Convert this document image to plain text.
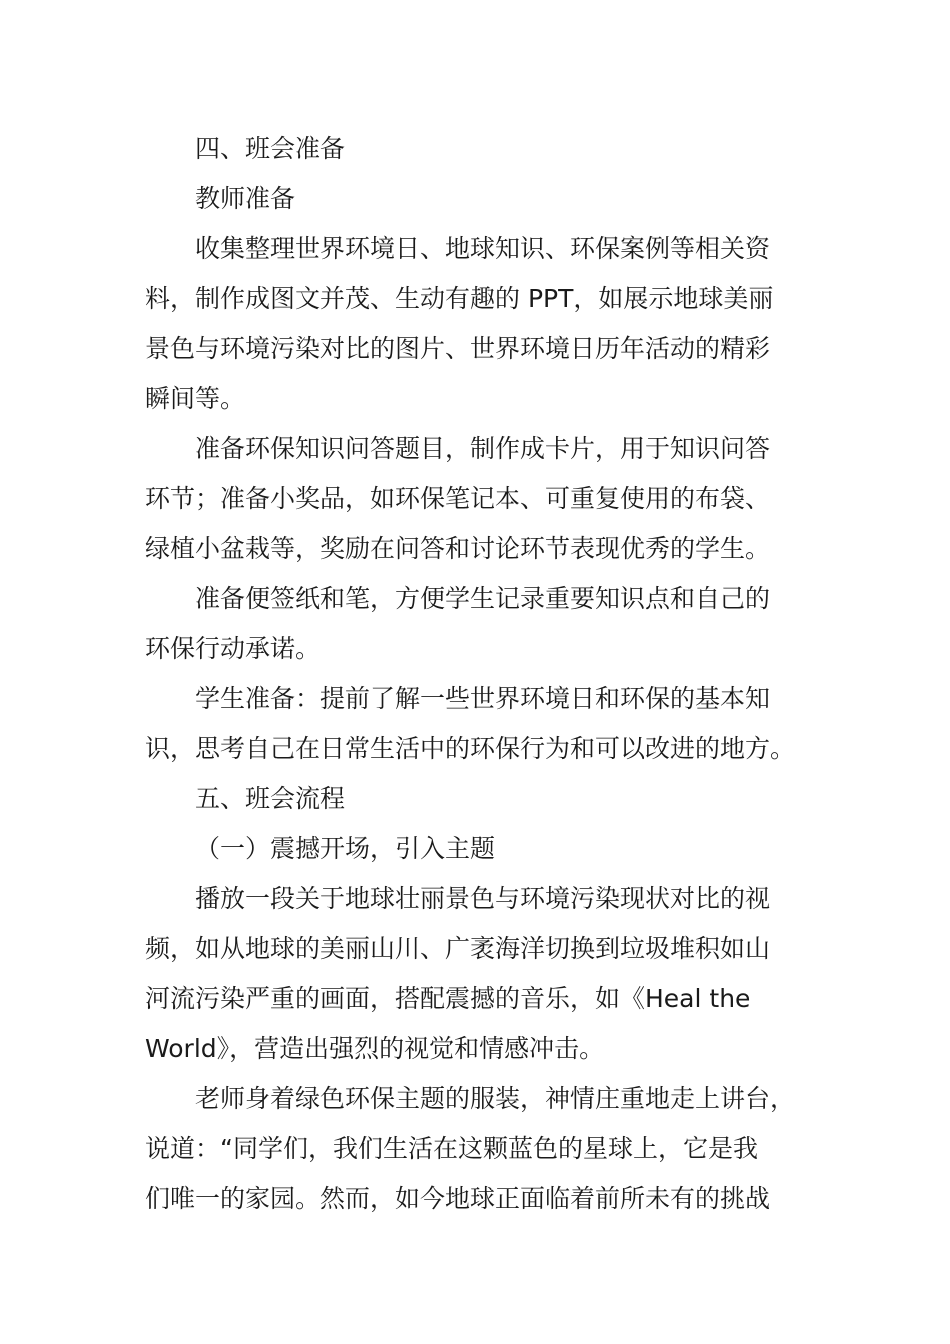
四、班会准备
教师准备
收集整理世界环境日、地球知识、环保案例等相关资
料，制作成图文并茂、生动有趣的 PPT，如展示地球美丽
景色与环境污染对比的图片、世界环境日历年活动的精彩
瞬间等。
准备环保知识问答题目，制作成卡片，用于知识问答
环节；准备小奖品，如环保笔记本、可重复使用的布袋、
绿植小盆栽等，奖励在问答和讨论环节表现优秀的学生。
准备便签纸和笔，方便学生记录重要知识点和自己的
环保行动承诺。
学生准备：提前了解一些世界环境日和环保的基本知
识，思考自己在日常生活中的环保行为和可以改进的地方。
五、班会流程
（一）震撼开场，引入主题
播放一段关于地球壮丽景色与环境污染现状对比的视
频，如从地球的美丽山川、广袤海洋切换到垃圾堆积如山
河流污染严重的画面，搭配震撼的音乐，如《Heal the
World》，营造出强烈的视觉和情感冲击。
老师身着绿色环保主题的服装，神情庄重地走上讲台，
说道：“同学们，我们生活在这颗蓝色的星球上，它是我
们唯一的家园。然而，如今地球正面临着前所未有的挑战
